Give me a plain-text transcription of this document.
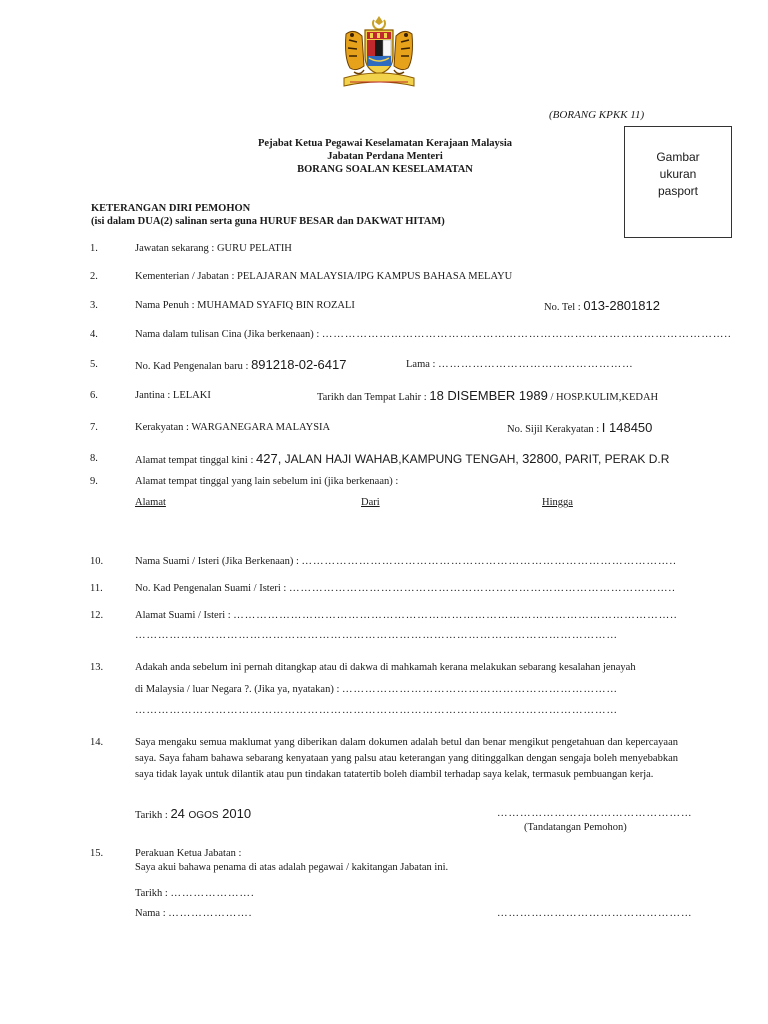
(BORANG KPKK 11)
Pejabat Ketua Pegawai Keselamatan Kerajaan Malaysia
Jabatan Perdana Menteri
BORANG SOALAN KESELAMATAN
Gambar
ukuran
pasport
KETERANGAN DIRI PEMOHON
(isi dalam DUA(2) salinan serta guna HURUF BESAR dan DAKWAT HITAM)
1.	Jawatan sekarang : GURU PELATIH
2.	Kementerian / Jabatan : PELAJARAN MALAYSIA/IPG KAMPUS BAHASA MELAYU
3.	Nama Penuh : MUHAMAD SYAFIQ BIN ROZALI	No. Tel : 013-2801812
4.	Nama dalam tulisan Cina (Jika berkenaan) : ……………………………………………………………………………………………..
5.	No. Kad Pengenalan baru : 891218-02-6417	Lama : ……………………………………………
6.	Jantina : LELAKI	Tarikh dan Tempat Lahir : 18 DISEMBER 1989 / HOSP.KULIM,KEDAH
7.	Kerakyatan : WARGANEGARA MALAYSIA	No. Sijil Kerakyatan : I 148450
8.	Alamat tempat tinggal kini : 427, JALAN HAJI WAHAB,KAMPUNG TENGAH, 32800, PARIT, PERAK D.R
9.	Alamat tempat tinggal yang lain sebelum ini (jika berkenaan) :
Alamat	Dari	Hingga
10.	Nama Suami / Isteri (Jika Berkenaan) : ……………………………………………………………………………………..
11.	No. Kad Pengenalan Suami / Isteri : ………………………………………………………………………………………..
12.	Alamat Suami / Isteri : ……………………………………………………………………………………………………..
………………………………………………………………………………………………………………
13.	Adakah anda sebelum ini pernah ditangkap atau di dakwa di mahkamah kerana melakukan sebarang kesalahan jenayah
di Malaysia / luar Negara ?. (Jika ya, nyatakan) : ………………………………………………………………
………………………………………………………………………………………………………………
14.	Saya mengaku semua maklumat yang diberikan dalam dokumen adalah betul dan benar mengikut pengetahuan dan kepercayaan saya. Saya faham bahawa sebarang kenyataan yang palsu atau keterangan yang ditinggalkan dengan sengaja boleh menyebabkan saya tidak layak untuk dilantik atau pun tindakan tatatertib boleh diambil terhadap saya kelak, termasuk pembuangan kerja.
Tarikh : 24 OGOS 2010	……………………………………………
(Tandatangan Pemohon)
15.	Perakuan Ketua Jabatan :
Saya akui bahawa penama di atas adalah pegawai / kakitangan Jabatan ini.
Tarikh : ………………….
Nama : ………………….	……………………………………………
